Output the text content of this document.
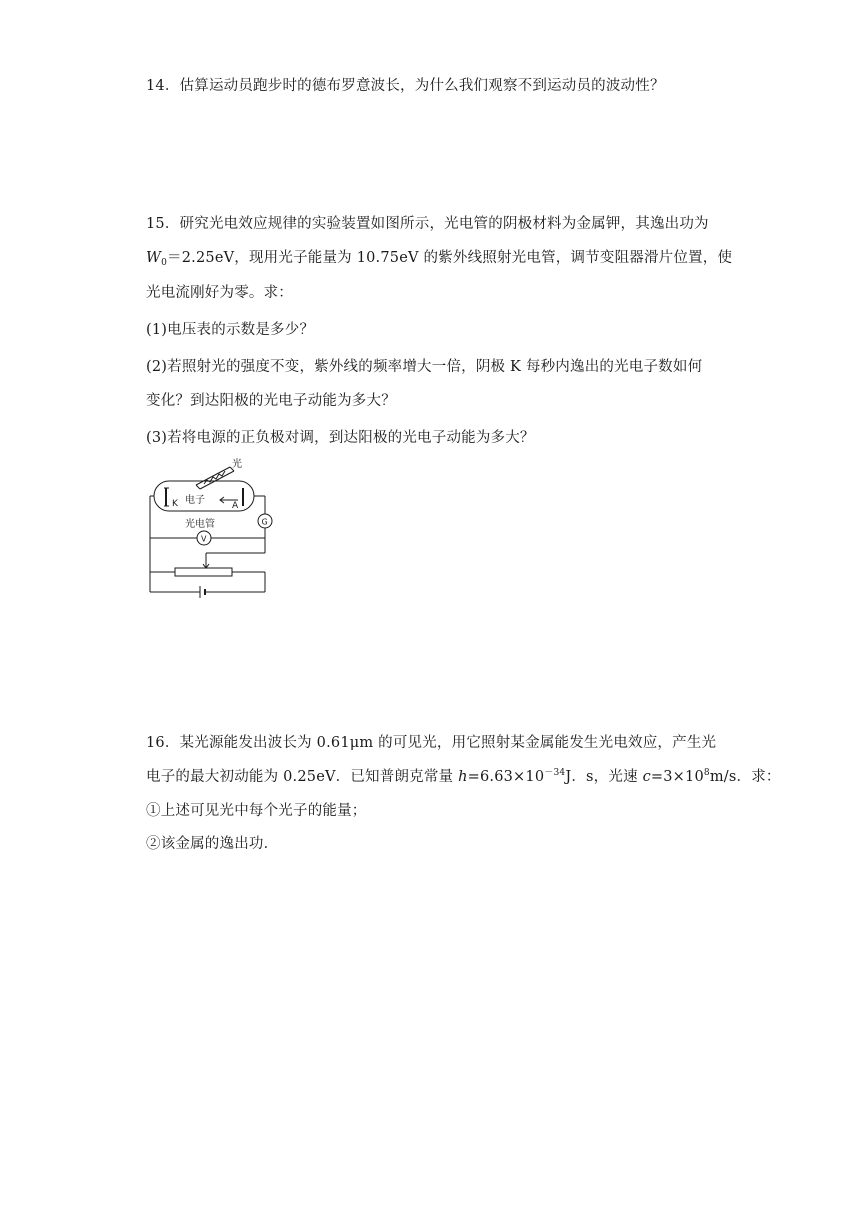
14．估算运动员跑步时的德布罗意波长，为什么我们观察不到运动员的波动性？
15．研究光电效应规律的实验装置如图所示，光电管的阴极材料为金属钾，其逸出功为
$W_0=2.25eV$，现用光子能量为 10.75eV 的紫外线照射光电管，调节变阻器滑片位置，使
光电流刚好为零。求：
(1)电压表的示数是多少？
(2)若照射光的强度不变，紫外线的频率增大一倍，阴极 K 每秒内逸出的光电子数如何
变化？到达阳极的光电子动能为多大？
(3)若将电源的正负极对调，到达阳极的光电子动能为多大？
光
K 电子	A
光电管	G
V
16．某光源能发出波长为 0.61μm 的可见光，用它照射某金属能发生光电效应，产生光
电子的最大初动能为 0.25eV．已知普朗克常量 $h=6.63\times 10^{-34}J$．s，光速 $c=3\times 10^8m/s$．求：
①上述可见光中每个光子的能量；
②该金属的逸出功．
